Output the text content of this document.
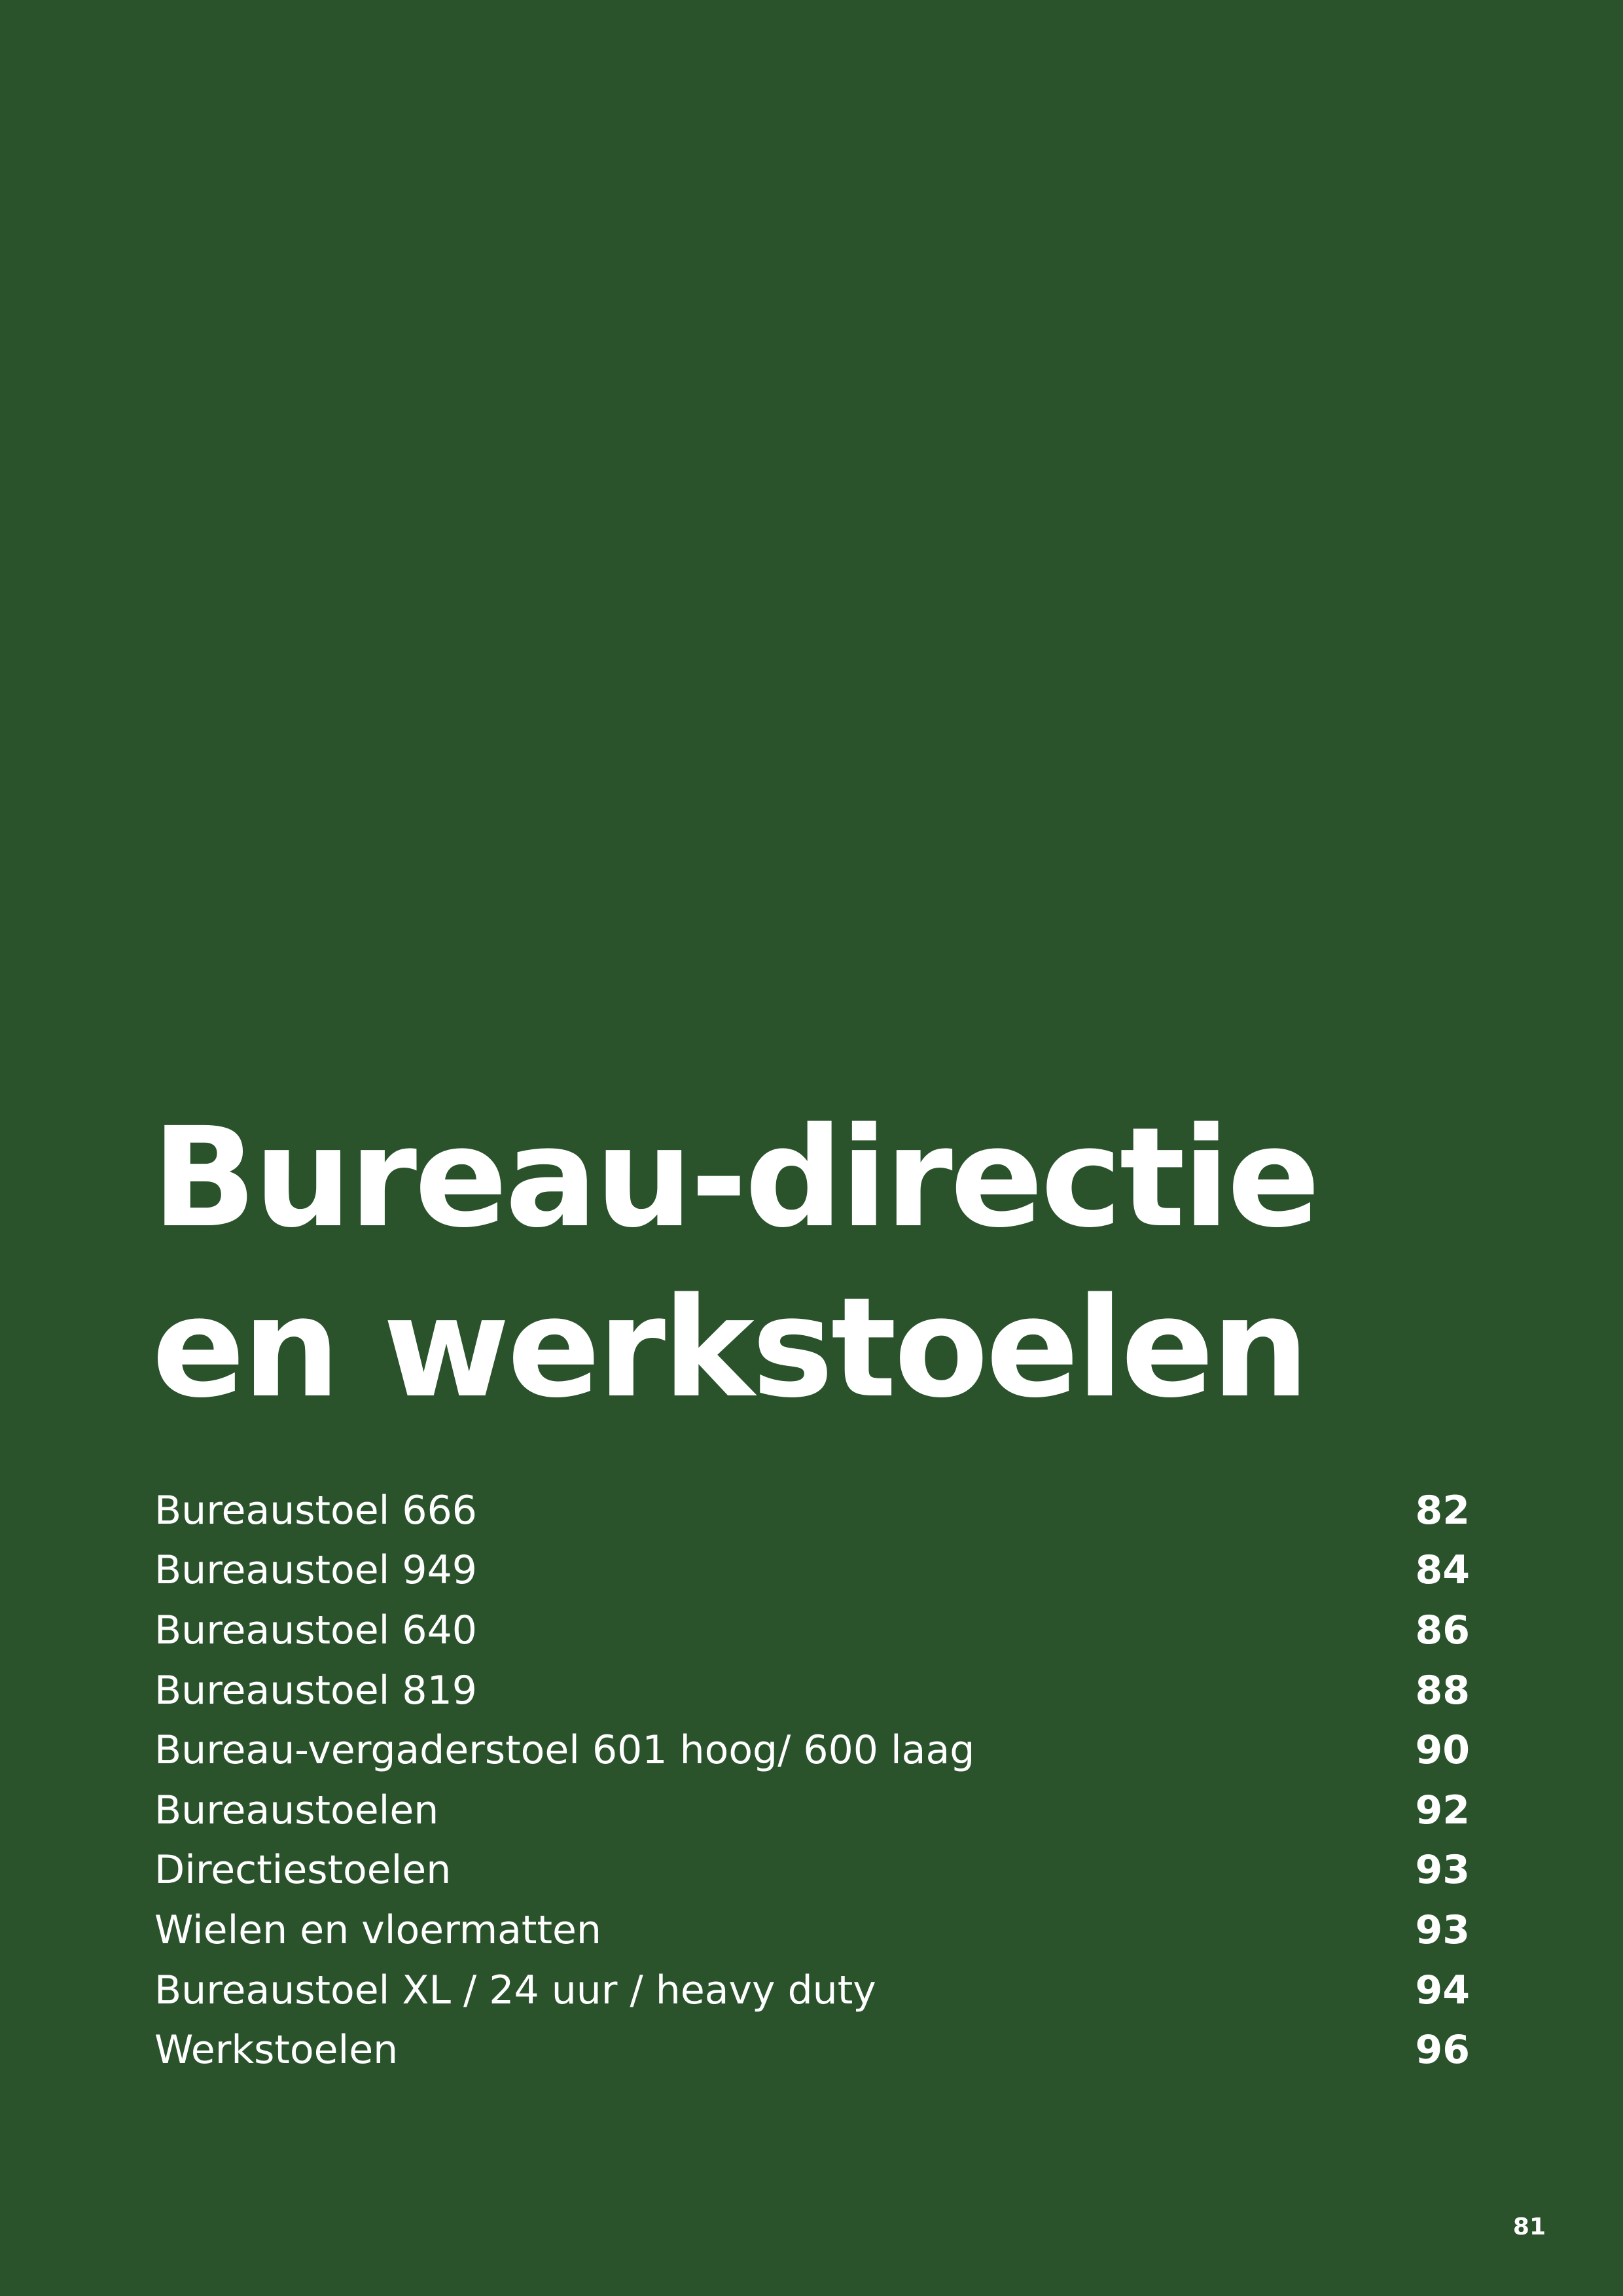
Bureau-directie
en werkstoelen
Bureaustoel 666	82
Bureaustoel 949	84
Bureaustoel 640	86
Bureaustoel 819	88
Bureau-vergaderstoel 601 hoog/ 600 laag	90
Bureaustoelen	92
Directiestoelen	93
Wielen en vloermatten	93
Bureaustoel XL / 24 uur / heavy duty	94
Werkstoelen	96
81
